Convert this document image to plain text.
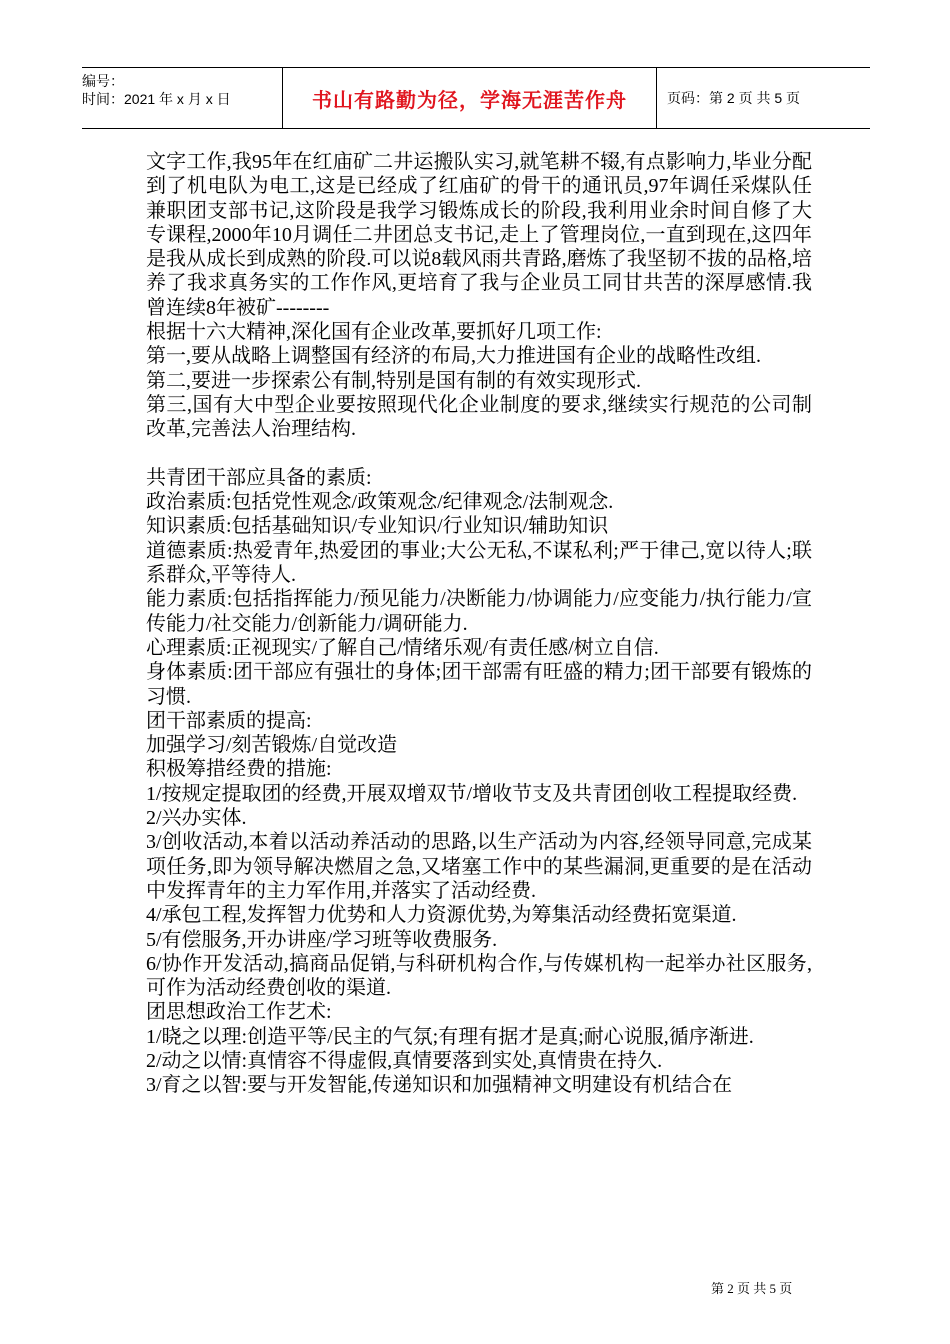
编号：
时间：2021 年 x 月 x 日	书山有路勤为径，学海无涯苦作舟	页码：第 2 页 共 5 页

文字工作,我95年在红庙矿二井运搬队实习,就笔耕不辍,有点影响力,毕业分配到了机电队为电工,这是已经成了红庙矿的骨干的通讯员,97年调任采煤队任兼职团支部书记,这阶段是我学习锻炼成长的阶段,我利用业余时间自修了大专课程,2000年10月调任二井团总支书记,走上了管理岗位,一直到现在,这四年是我从成长到成熟的阶段.可以说8载风雨共青路,磨炼了我坚韧不拔的品格,培养了我求真务实的工作作风,更培育了我与企业员工同甘共苦的深厚感情.我曾连续8年被矿--------

根据十六大精神,深化国有企业改革,要抓好几项工作:

第一,要从战略上调整国有经济的布局,大力推进国有企业的战略性改组.

第二,要进一步探索公有制,特别是国有制的有效实现形式.

第三,国有大中型企业要按照现代化企业制度的要求,继续实行规范的公司制改革,完善法人治理结构.

共青团干部应具备的素质:

政治素质:包括党性观念/政策观念/纪律观念/法制观念.

知识素质:包括基础知识/专业知识/行业知识/辅助知识

道德素质:热爱青年,热爱团的事业;大公无私,不谋私利;严于律己,宽以待人;联系群众,平等待人.

能力素质:包括指挥能力/预见能力/决断能力/协调能力/应变能力/执行能力/宣传能力/社交能力/创新能力/调研能力.

心理素质:正视现实/了解自己/情绪乐观/有责任感/树立自信.

身体素质:团干部应有强壮的身体;团干部需有旺盛的精力;团干部要有锻炼的习惯.

团干部素质的提高:

加强学习/刻苦锻炼/自觉改造

积极筹措经费的措施:

1/按规定提取团的经费,开展双增双节/增收节支及共青团创收工程提取经费.

2/兴办实体.

3/创收活动,本着以活动养活动的思路,以生产活动为内容,经领导同意,完成某项任务,即为领导解决燃眉之急,又堵塞工作中的某些漏洞,更重要的是在活动中发挥青年的主力军作用,并落实了活动经费.

4/承包工程,发挥智力优势和人力资源优势,为筹集活动经费拓宽渠道.

5/有偿服务,开办讲座/学习班等收费服务.

6/协作开发活动,搞商品促销,与科研机构合作,与传媒机构一起举办社区服务,可作为活动经费创收的渠道.

团思想政治工作艺术:

1/晓之以理:创造平等/民主的气氛;有理有据才是真;耐心说服,循序渐进.

2/动之以情:真情容不得虚假,真情要落到实处,真情贵在持久.

3/育之以智:要与开发智能,传递知识和加强精神文明建设有机结合在

第 2 页 共 5 页
